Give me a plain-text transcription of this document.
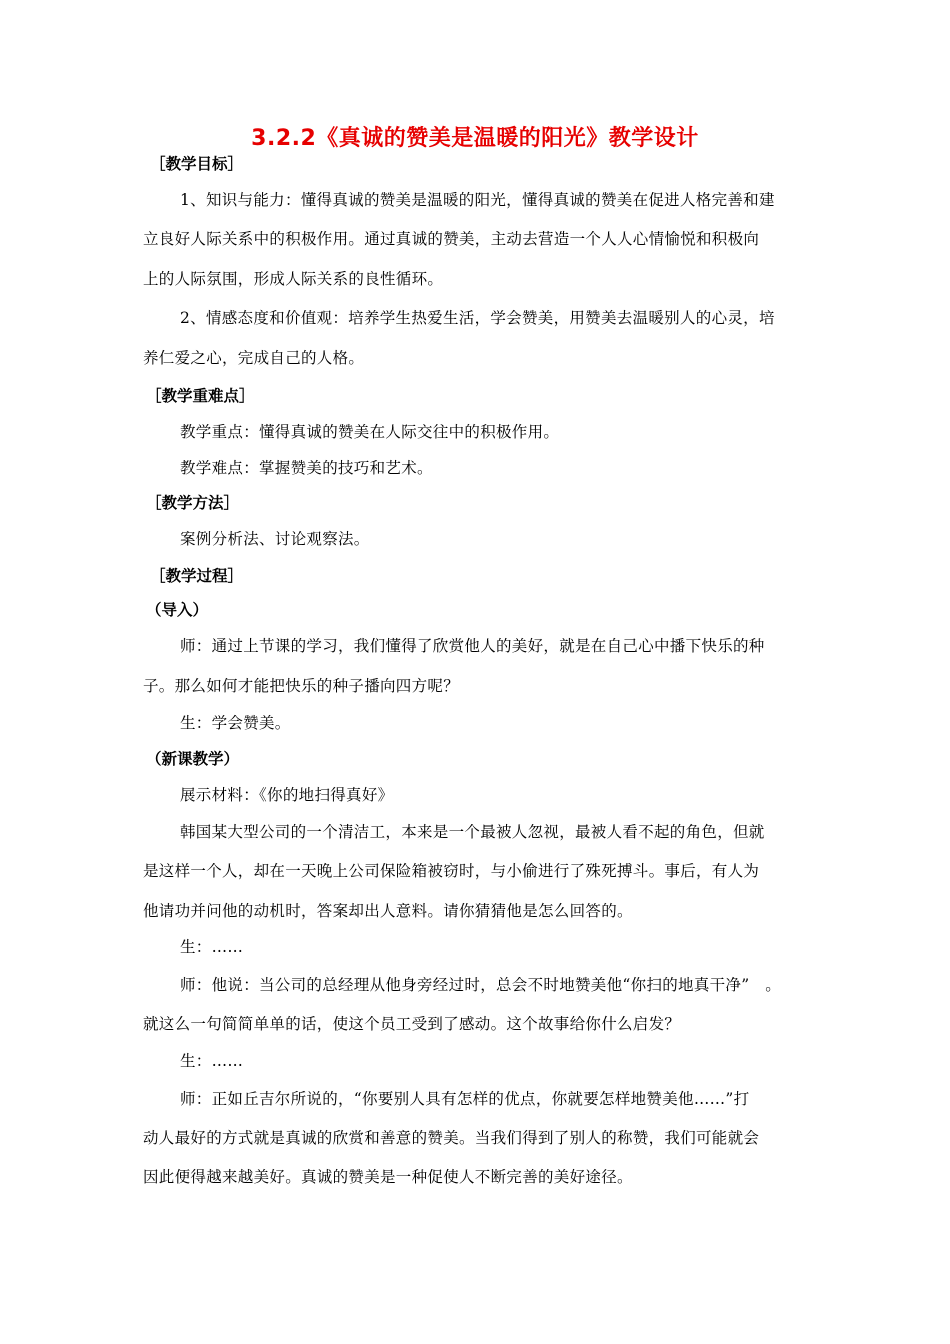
3.2.2《真诚的赞美是温暖的阳光》教学设计
［教学目标］
1、知识与能力：懂得真诚的赞美是温暖的阳光，懂得真诚的赞美在促进人格完善和建
立良好人际关系中的积极作用。通过真诚的赞美，主动去营造一个人人心情愉悦和积极向
上的人际氛围，形成人际关系的良性循环。
2、情感态度和价值观：培养学生热爱生活，学会赞美，用赞美去温暖别人的心灵，培
养仁爱之心，完成自己的人格。
［教学重难点］
教学重点：懂得真诚的赞美在人际交往中的积极作用。
教学难点：掌握赞美的技巧和艺术。
［教学方法］
案例分析法、讨论观察法。
［教学过程］
（导入）
师：通过上节课的学习，我们懂得了欣赏他人的美好，就是在自己心中播下快乐的种
子。那么如何才能把快乐的种子播向四方呢？
生：学会赞美。
（新课教学）
展示材料：《你的地扫得真好》
韩国某大型公司的一个清洁工，本来是一个最被人忽视，最被人看不起的角色，但就
是这样一个人，却在一天晚上公司保险箱被窃时，与小偷进行了殊死搏斗。事后，有人为
他请功并问他的动机时，答案却出人意料。请你猜猜他是怎么回答的。
生：……
师：他说：当公司的总经理从他身旁经过时，总会不时地赞美他“你扫的地真干净”　。
就这么一句简简单单的话，使这个员工受到了感动。这个故事给你什么启发？
生：……
师：正如丘吉尔所说的，“你要别人具有怎样的优点，你就要怎样地赞美他……”打
动人最好的方式就是真诚的欣赏和善意的赞美。当我们得到了别人的称赞，我们可能就会
因此便得越来越美好。真诚的赞美是一种促使人不断完善的美好途径。
